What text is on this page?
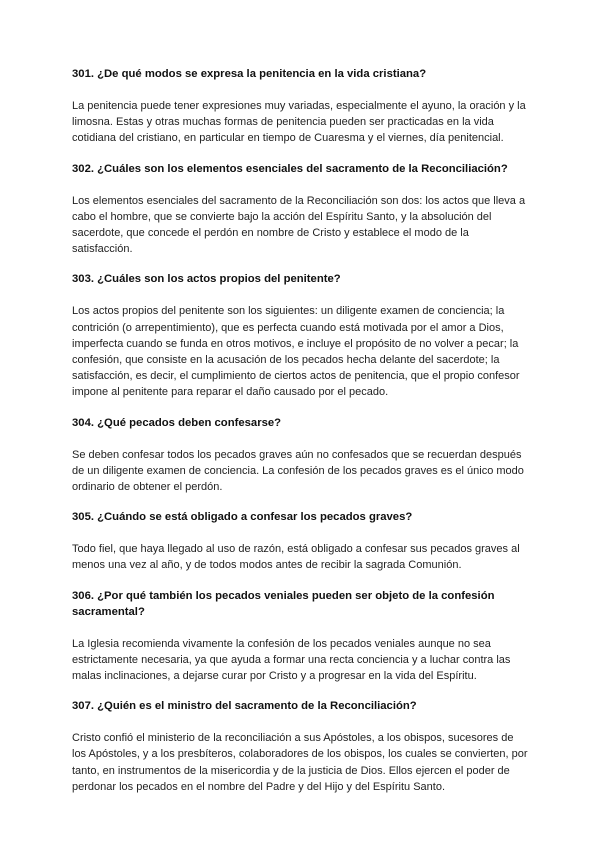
301. ¿De qué modos se expresa la penitencia en la vida cristiana?

La penitencia puede tener expresiones muy variadas, especialmente el ayuno, la oración y la limosna. Estas y otras muchas formas de penitencia pueden ser practicadas en la vida cotidiana del cristiano, en particular en tiempo de Cuaresma y el viernes, día penitencial.

302. ¿Cuáles son los elementos esenciales del sacramento de la Reconciliación?

Los elementos esenciales del sacramento de la Reconciliación son dos: los actos que lleva a cabo el hombre, que se convierte bajo la acción del Espíritu Santo, y la absolución del sacerdote, que concede el perdón en nombre de Cristo y establece el modo de la satisfacción.

303. ¿Cuáles son los actos propios del penitente?

Los actos propios del penitente son los siguientes: un diligente examen de conciencia; la contrición (o arrepentimiento), que es perfecta cuando está motivada por el amor a Dios, imperfecta cuando se funda en otros motivos, e incluye el propósito de no volver a pecar; la confesión, que consiste en la acusación de los pecados hecha delante del sacerdote; la satisfacción, es decir, el cumplimiento de ciertos actos de penitencia, que el propio confesor impone al penitente para reparar el daño causado por el pecado.

304. ¿Qué pecados deben confesarse?

Se deben confesar todos los pecados graves aún no confesados que se recuerdan después de un diligente examen de conciencia. La confesión de los pecados graves es el único modo ordinario de obtener el perdón.

305. ¿Cuándo se está obligado a confesar los pecados graves?

Todo fiel, que haya llegado al uso de razón, está obligado a confesar sus pecados graves al menos una vez al año, y de todos modos antes de recibir la sagrada Comunión.

306. ¿Por qué también los pecados veniales pueden ser objeto de la confesión sacramental?

La Iglesia recomienda vivamente la confesión de los pecados veniales aunque no sea estrictamente necesaria, ya que ayuda a formar una recta conciencia y a luchar contra las malas inclinaciones, a dejarse curar por Cristo y a progresar en la vida del Espíritu.

307. ¿Quién es el ministro del sacramento de la Reconciliación?

Cristo confió el ministerio de la reconciliación a sus Apóstoles, a los obispos, sucesores de los Apóstoles, y a los presbíteros, colaboradores de los obispos, los cuales se convierten, por tanto, en instrumentos de la misericordia y de la justicia de Dios. Ellos ejercen el poder de perdonar los pecados en el nombre del Padre y del Hijo y del Espíritu Santo.
